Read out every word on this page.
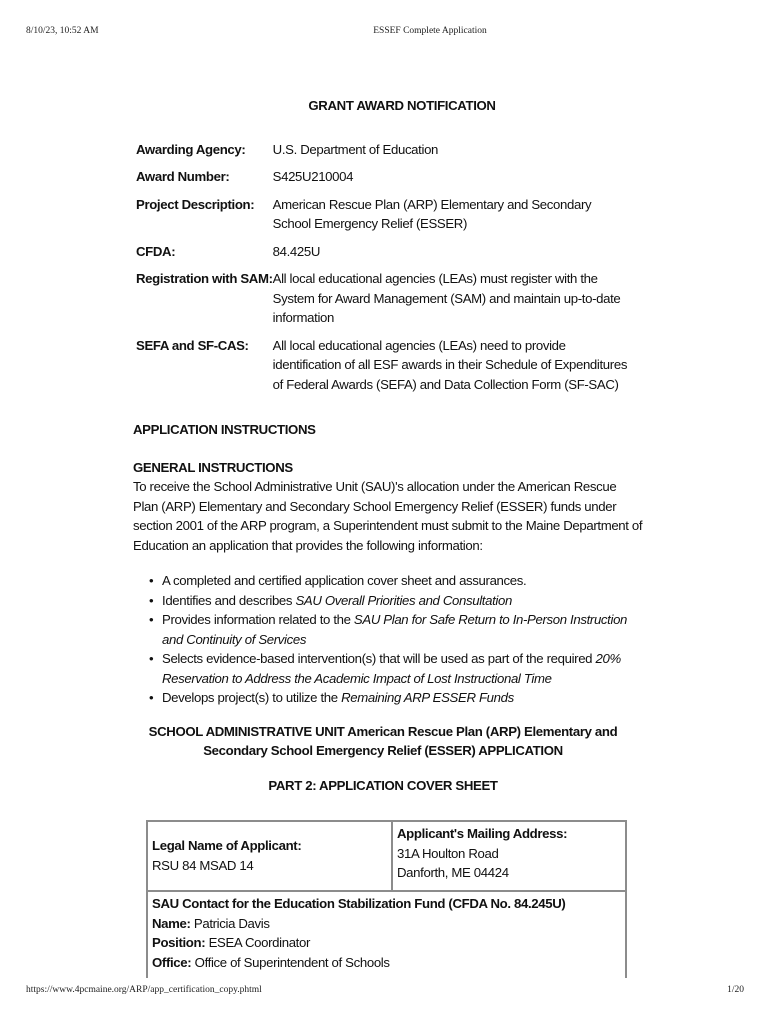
8/10/23, 10:52 AM	ESSEF Complete Application
GRANT AWARD NOTIFICATION
Awarding Agency:	U.S. Department of Education
Award Number:	S425U210004
Project Description:	American Rescue Plan (ARP) Elementary and Secondary School Emergency Relief (ESSER)
CFDA:	84.425U
Registration with SAM:	All local educational agencies (LEAs) must register with the System for Award Management (SAM) and maintain up-to-date information
SEFA and SF-CAS:	All local educational agencies (LEAs) need to provide identification of all ESF awards in their Schedule of Expenditures of Federal Awards (SEFA) and Data Collection Form (SF-SAC)
APPLICATION INSTRUCTIONS
GENERAL INSTRUCTIONS
To receive the School Administrative Unit (SAU)'s allocation under the American Rescue Plan (ARP) Elementary and Secondary School Emergency Relief (ESSER) funds under section 2001 of the ARP program, a Superintendent must submit to the Maine Department of Education an application that provides the following information:
• A completed and certified application cover sheet and assurances.
• Identifies and describes SAU Overall Priorities and Consultation
• Provides information related to the SAU Plan for Safe Return to In-Person Instruction and Continuity of Services
• Selects evidence-based intervention(s) that will be used as part of the required 20% Reservation to Address the Academic Impact of Lost Instructional Time
• Develops project(s) to utilize the Remaining ARP ESSER Funds
SCHOOL ADMINISTRATIVE UNIT American Rescue Plan (ARP) Elementary and Secondary School Emergency Relief (ESSER) APPLICATION
PART 2: APPLICATION COVER SHEET
Legal Name of Applicant:
RSU 84 MSAD 14
Applicant's Mailing Address:
31A Houlton Road
Danforth, ME 04424
SAU Contact for the Education Stabilization Fund (CFDA No. 84.245U)
Name: Patricia Davis
Position: ESEA Coordinator
Office: Office of Superintendent of Schools
https://www.4pcmaine.org/ARP/app_certification_copy.phtml	1/20
